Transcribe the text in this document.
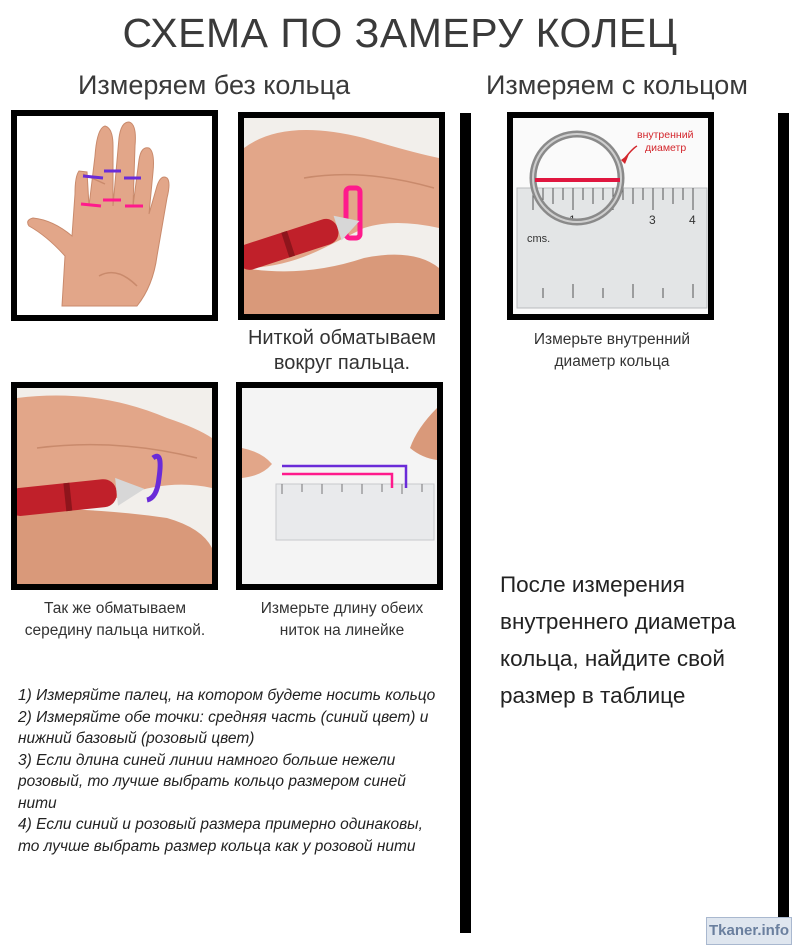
СХЕМА ПО ЗАМЕРУ КОЛЕЦ
Измеряем без кольца	Измеряем с кольцом
Ниткой обматываем
вокруг пальца.
Так же обматываем
середину пальца ниткой.
Измерьте длину обеих
ниток на линейке
1) Измеряйте палец, на котором будете носить кольцо
2) Измеряйте обе точки: средняя часть (синий цвет) и
нижний базовый (розовый цвет)
3) Если длина синей линии намного больше нежели
розовый, то лучше выбрать кольцо размером синей
нити
4) Если синий и розовый размера примерно одинаковы,
то лучше выбрать размер кольца как у розовой нити
1	3	4
cms.
внутренний диаметр
Измерьте внутренний
диаметр кольца
После измерения
внутреннего диаметра
кольца, найдите свой
размер в таблице
Tkaner.info
